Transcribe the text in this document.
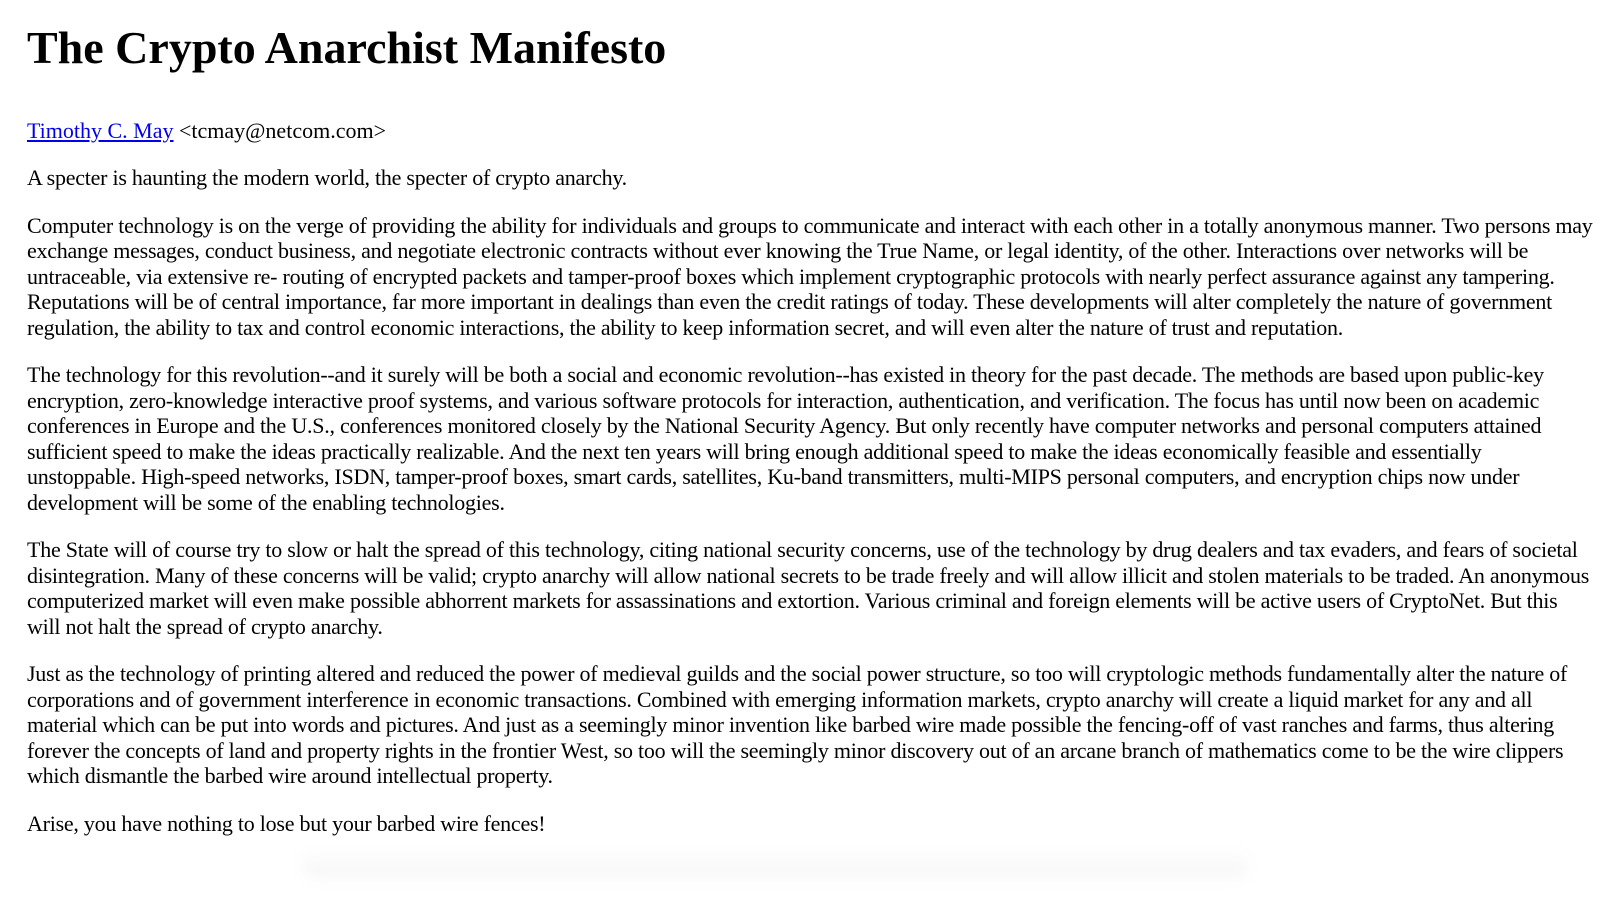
The Crypto Anarchist Manifesto
Timothy C. May <tcmay@netcom.com>

A specter is haunting the modern world, the specter of crypto anarchy.

Computer technology is on the verge of providing the ability for individuals and groups to communicate and interact with each other in a totally anonymous manner. Two persons may exchange messages, conduct business, and negotiate electronic contracts without ever knowing the True Name, or legal identity, of the other. Interactions over networks will be untraceable, via extensive re- routing of encrypted packets and tamper-proof boxes which implement cryptographic protocols with nearly perfect assurance against any tampering. Reputations will be of central importance, far more important in dealings than even the credit ratings of today. These developments will alter completely the nature of government regulation, the ability to tax and control economic interactions, the ability to keep information secret, and will even alter the nature of trust and reputation.

The technology for this revolution--and it surely will be both a social and economic revolution--has existed in theory for the past decade. The methods are based upon public-key encryption, zero-knowledge interactive proof systems, and various software protocols for interaction, authentication, and verification. The focus has until now been on academic conferences in Europe and the U.S., conferences monitored closely by the National Security Agency. But only recently have computer networks and personal computers attained sufficient speed to make the ideas practically realizable. And the next ten years will bring enough additional speed to make the ideas economically feasible and essentially unstoppable. High-speed networks, ISDN, tamper-proof boxes, smart cards, satellites, Ku-band transmitters, multi-MIPS personal computers, and encryption chips now under development will be some of the enabling technologies.

The State will of course try to slow or halt the spread of this technology, citing national security concerns, use of the technology by drug dealers and tax evaders, and fears of societal disintegration. Many of these concerns will be valid; crypto anarchy will allow national secrets to be trade freely and will allow illicit and stolen materials to be traded. An anonymous computerized market will even make possible abhorrent markets for assassinations and extortion. Various criminal and foreign elements will be active users of CryptoNet. But this will not halt the spread of crypto anarchy.

Just as the technology of printing altered and reduced the power of medieval guilds and the social power structure, so too will cryptologic methods fundamentally alter the nature of corporations and of government interference in economic transactions. Combined with emerging information markets, crypto anarchy will create a liquid market for any and all material which can be put into words and pictures. And just as a seemingly minor invention like barbed wire made possible the fencing-off of vast ranches and farms, thus altering forever the concepts of land and property rights in the frontier West, so too will the seemingly minor discovery out of an arcane branch of mathematics come to be the wire clippers which dismantle the barbed wire around intellectual property.

Arise, you have nothing to lose but your barbed wire fences!
